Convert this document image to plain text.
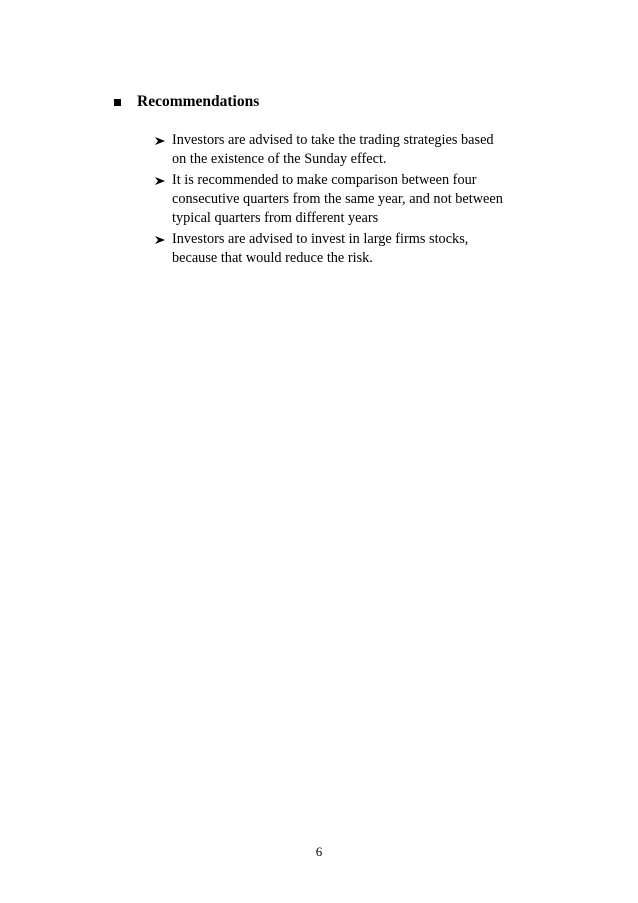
Recommendations
Investors are advised to take the trading strategies based
on the existence of the Sunday effect.
It is recommended to make comparison between four
consecutive quarters from the same year, and not between
typical quarters from different years
Investors are advised to invest in large firms stocks,
because that would reduce the risk.
6
